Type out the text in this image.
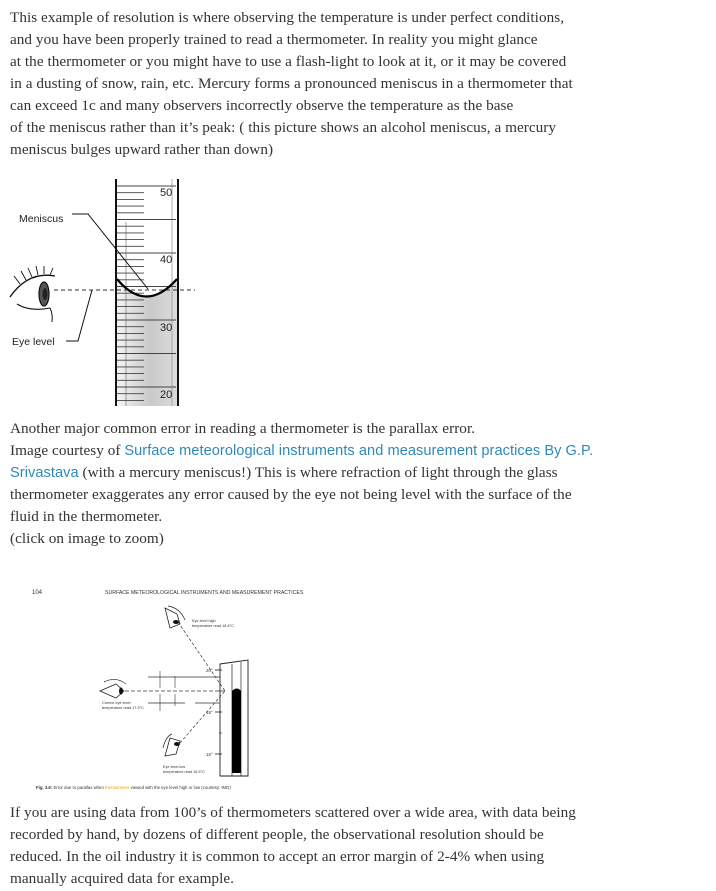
This example of resolution is where observing the temperature is under perfect conditions,
and you have been properly trained to read a thermometer. In reality you might glance
at the thermometer or you might have to use a flash-light to look at it, or it may be covered
in a dusting of snow, rain, etc. Mercury forms a pronounced meniscus in a thermometer that
can exceed 1c and many observers incorrectly observe the temperature as the base
of the meniscus rather than it’s peak: ( this picture shows an alcohol meniscus, a mercury
meniscus bulges upward rather than down)
50
40
30
20
Meniscus
Eye level
Another major common error in reading a thermometer is the parallax error.
Image courtesy of Surface meteorological instruments and measurement practices By G.P.
Srivastava (with a mercury meniscus!) This is where refraction of light through the glass
thermometer exaggerates any error caused by the eye not being level with the surface of the
fluid in the thermometer.
(click on image to zoom)
104	SURFACE METEOROLOGICAL INSTRUMENTS AND MEASUREMENT PRACTICES
20°
18°
16°
Eye level high
temperature read 18.6°C
Correct eye level
temperature read 17.5°C
Eye level low
temperature read 16.5°C
Fig. 3.6: Error due to parallax when thermometer viewed with the eye level high or low (courtesy: IMD)
If you are using data from 100’s of thermometers scattered over a wide area, with data being
recorded by hand, by dozens of different people, the observational resolution should be
reduced. In the oil industry it is common to accept an error margin of 2-4% when using
manually acquired data for example.
